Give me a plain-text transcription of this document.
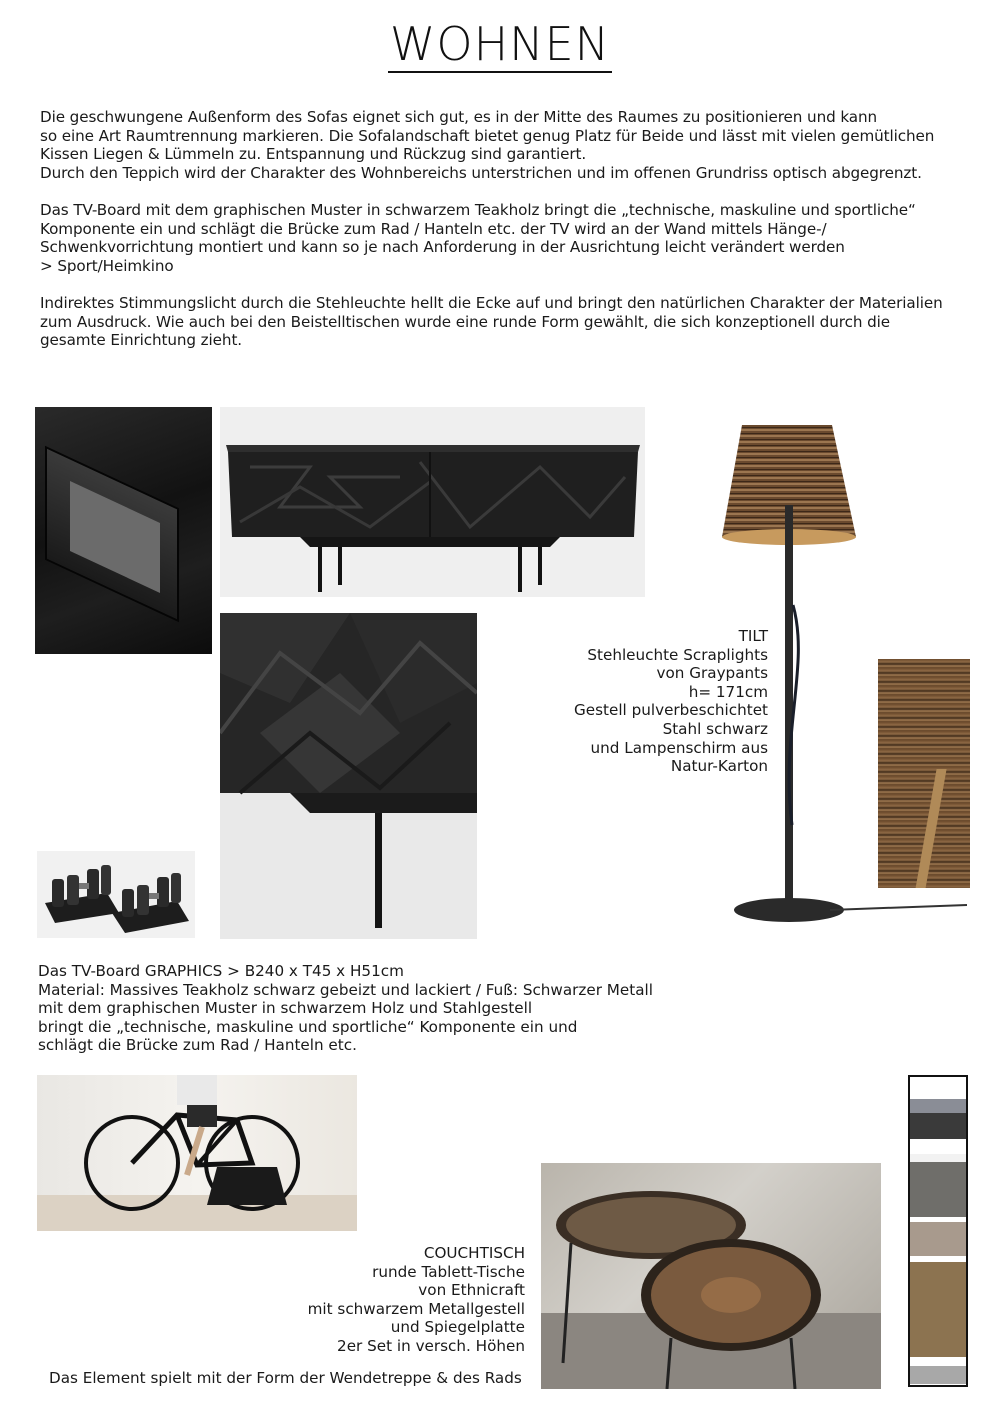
WOHNEN

Die geschwungene Außenform des Sofas eignet sich gut, es in der Mitte des Raumes zu positionieren und kann
so eine Art Raumtrennung markieren. Die Sofalandschaft bietet genug Platz für Beide und lässt mit vielen gemütlichen
Kissen Liegen & Lümmeln zu. Entspannung und Rückzug sind garantiert.
Durch den Teppich wird der Charakter des Wohnbereichs unterstrichen und im offenen Grundriss optisch abgegrenzt.

Das TV-Board mit dem graphischen Muster in schwarzem Teakholz bringt die „technische, maskuline und sportliche“
Komponente ein und schlägt die Brücke zum Rad / Hanteln etc. der TV wird an der Wand mittels Hänge-/
Schwenkvorrichtung montiert und kann so je nach Anforderung in der Ausrichtung leicht verändert werden
> Sport/Heimkino

Indirektes Stimmungslicht durch die Stehleuchte hellt die Ecke auf und bringt den natürlichen Charakter der Materialien
zum Ausdruck. Wie auch bei den Beistelltischen wurde eine runde Form gewählt, die sich konzeptionell durch die
gesamte Einrichtung zieht.

TILT
Stehleuchte Scraplights
von Graypants
h= 171cm
Gestell pulverbeschichtet
Stahl schwarz
und Lampenschirm aus
Natur-Karton
Das TV-Board GRAPHICS > B240 x T45 x H51cm
Material: Massives Teakholz schwarz gebeizt und lackiert / Fuß: Schwarzer Metall
mit dem graphischen Muster in schwarzem Holz und Stahlgestell
bringt die „technische, maskuline und sportliche“ Komponente ein und
schlägt die Brücke zum Rad / Hanteln etc.
COUCHTISCH
runde Tablett-Tische
von Ethnicraft
mit schwarzem Metallgestell
und Spiegelplatte
2er Set in versch. Höhen
Das Element spielt mit der Form der Wendetreppe & des Rads
